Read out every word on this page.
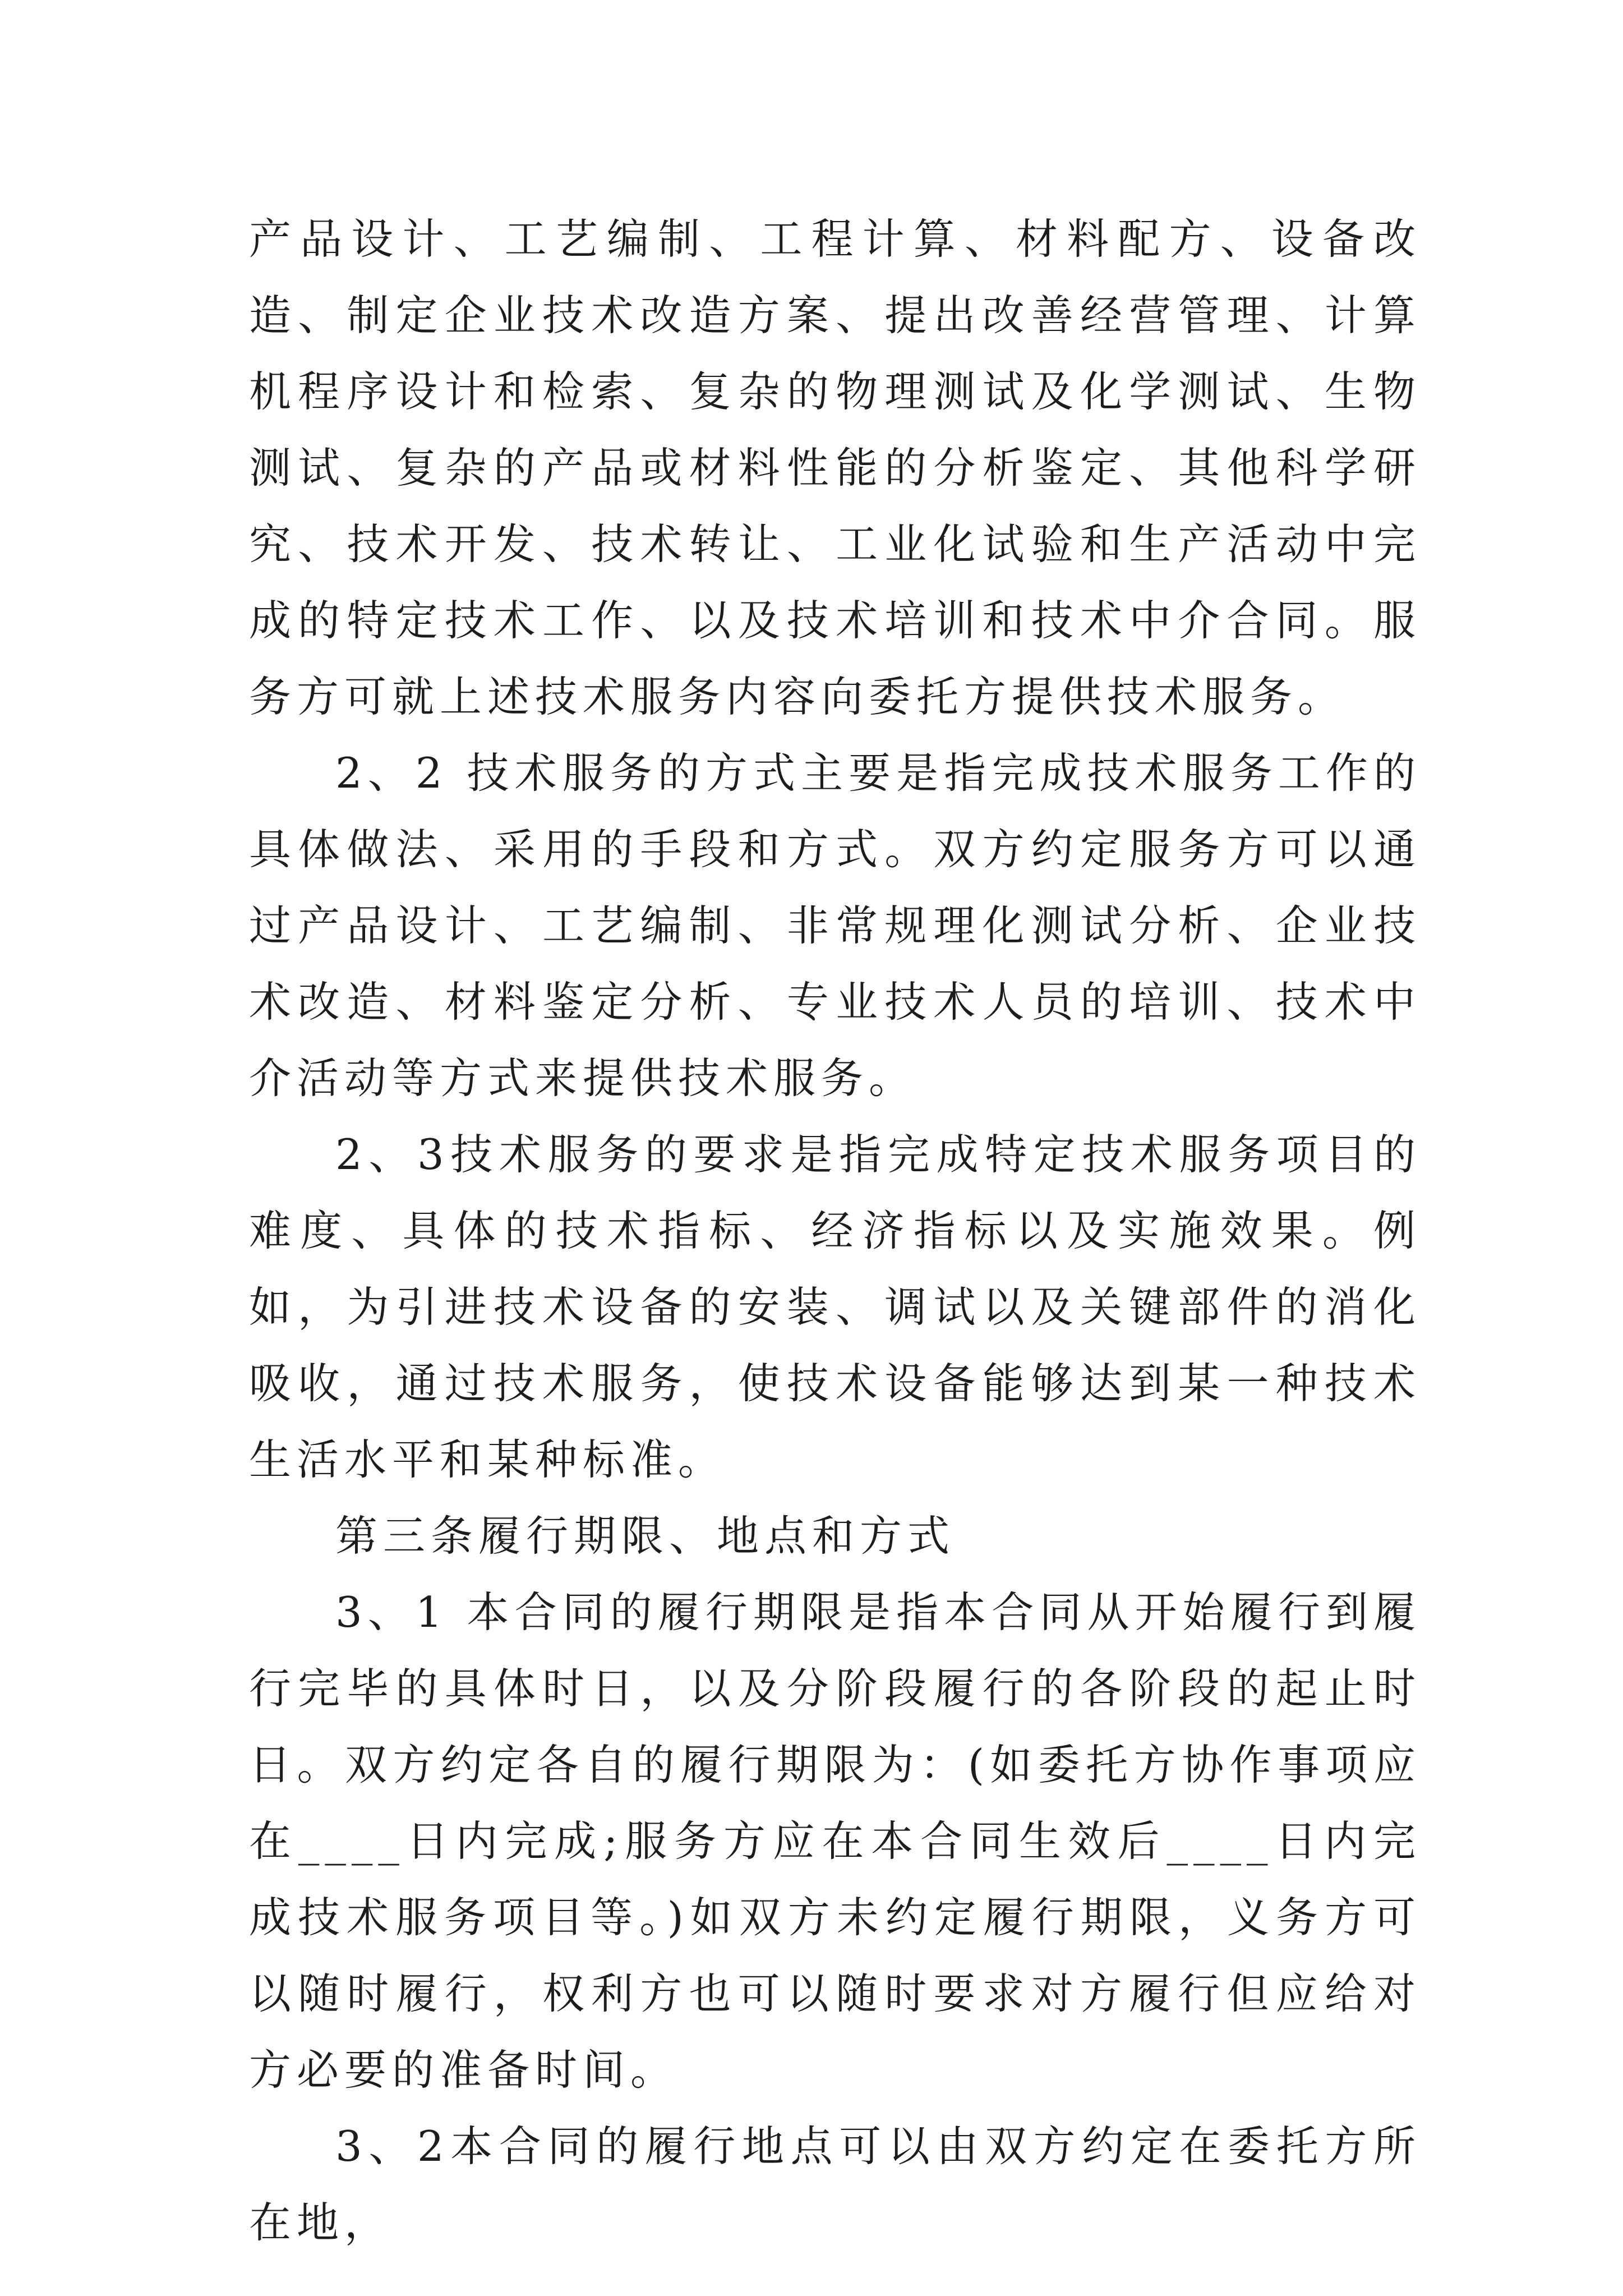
产品设计、工艺编制、工程计算、材料配方、设备改造、制定企业技术改造方案、提出改善经营管理、计算机程序设计和检索、复杂的物理测试及化学测试、生物测试、复杂的产品或材料性能的分析鉴定、其他科学研究、技术开发、技术转让、工业化试验和生产活动中完成的特定技术工作、以及技术培训和技术中介合同。服务方可就上述技术服务内容向委托方提供技术服务。

2、2 技术服务的方式主要是指完成技术服务工作的具体做法、采用的手段和方式。双方约定服务方可以通过产品设计、工艺编制、非常规理化测试分析、企业技术改造、材料鉴定分析、专业技术人员的培训、技术中介活动等方式来提供技术服务。

2、3技术服务的要求是指完成特定技术服务项目的难度、具体的技术指标、经济指标以及实施效果。例如，为引进技术设备的安装、调试以及关键部件的消化吸收，通过技术服务，使技术设备能够达到某一种技术生活水平和某种标准。

第三条履行期限、地点和方式

3、1 本合同的履行期限是指本合同从开始履行到履行完毕的具体时日，以及分阶段履行的各阶段的起止时日。双方约定各自的履行期限为：(如委托方协作事项应在____日内完成;服务方应在本合同生效后____日内完成技术服务项目等。)如双方未约定履行期限，义务方可以随时履行，权利方也可以随时要求对方履行但应给对方必要的准备时间。

3、2本合同的履行地点可以由双方约定在委托方所在地，
